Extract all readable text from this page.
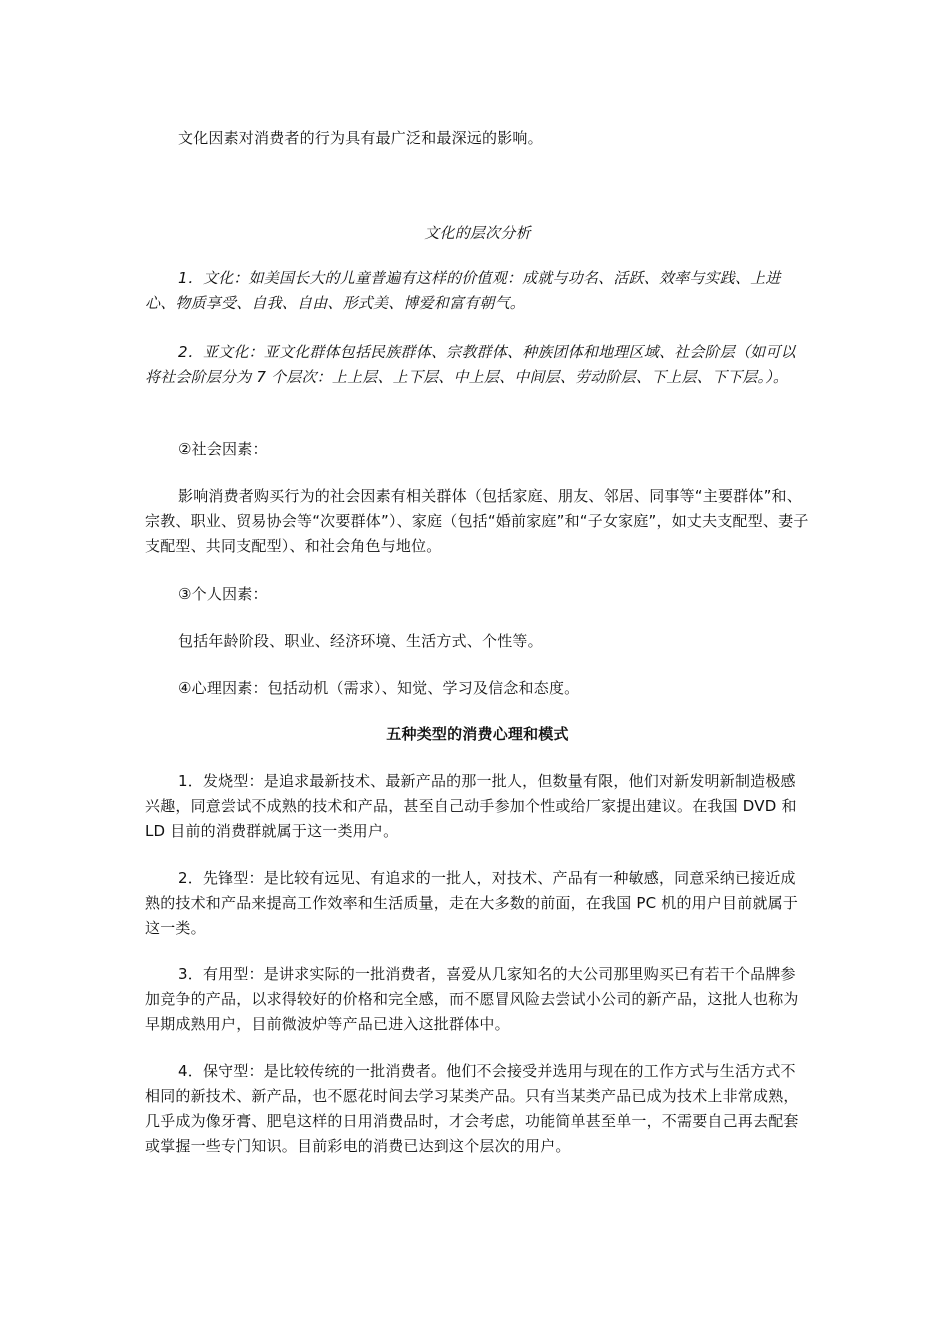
文化因素对消费者的行为具有最广泛和最深远的影响。

文化的层次分析

1．文化：如美国长大的儿童普遍有这样的价值观：成就与功名、活跃、效率与实践、上进心、物质享受、自我、自由、形式美、博爱和富有朝气。

2．亚文化：亚文化群体包括民族群体、宗教群体、种族团体和地理区域、社会阶层（如可以将社会阶层分为 7 个层次：上上层、上下层、中上层、中间层、劳动阶层、下上层、下下层。）。

②社会因素：

影响消费者购买行为的社会因素有相关群体（包括家庭、朋友、邻居、同事等“主要群体”和、宗教、职业、贸易协会等“次要群体”）、家庭（包括“婚前家庭”和“子女家庭”，如丈夫支配型、妻子支配型、共同支配型）、和社会角色与地位。

③个人因素：

包括年龄阶段、职业、经济环境、生活方式、个性等。

④心理因素：包括动机（需求）、知觉、学习及信念和态度。

五种类型的消费心理和模式

1．发烧型：是追求最新技术、最新产品的那一批人，但数量有限，他们对新发明新制造极感兴趣，同意尝试不成熟的技术和产品，甚至自己动手参加个性或给厂家提出建议。在我国 DVD 和 LD 目前的消费群就属于这一类用户。

2．先锋型：是比较有远见、有追求的一批人，对技术、产品有一种敏感，同意采纳已接近成熟的技术和产品来提高工作效率和生活质量，走在大多数的前面，在我国 PC 机的用户目前就属于这一类。

3．有用型：是讲求实际的一批消费者，喜爱从几家知名的大公司那里购买已有若干个品牌参加竞争的产品，以求得较好的价格和完全感，而不愿冒风险去尝试小公司的新产品，这批人也称为早期成熟用户，目前微波炉等产品已进入这批群体中。

4．保守型：是比较传统的一批消费者。他们不会接受并选用与现在的工作方式与生活方式不相同的新技术、新产品，也不愿花时间去学习某类产品。只有当某类产品已成为技术上非常成熟，几乎成为像牙膏、肥皂这样的日用消费品时，才会考虑，功能简单甚至单一，不需要自己再去配套或掌握一些专门知识。目前彩电的消费已达到这个层次的用户。
